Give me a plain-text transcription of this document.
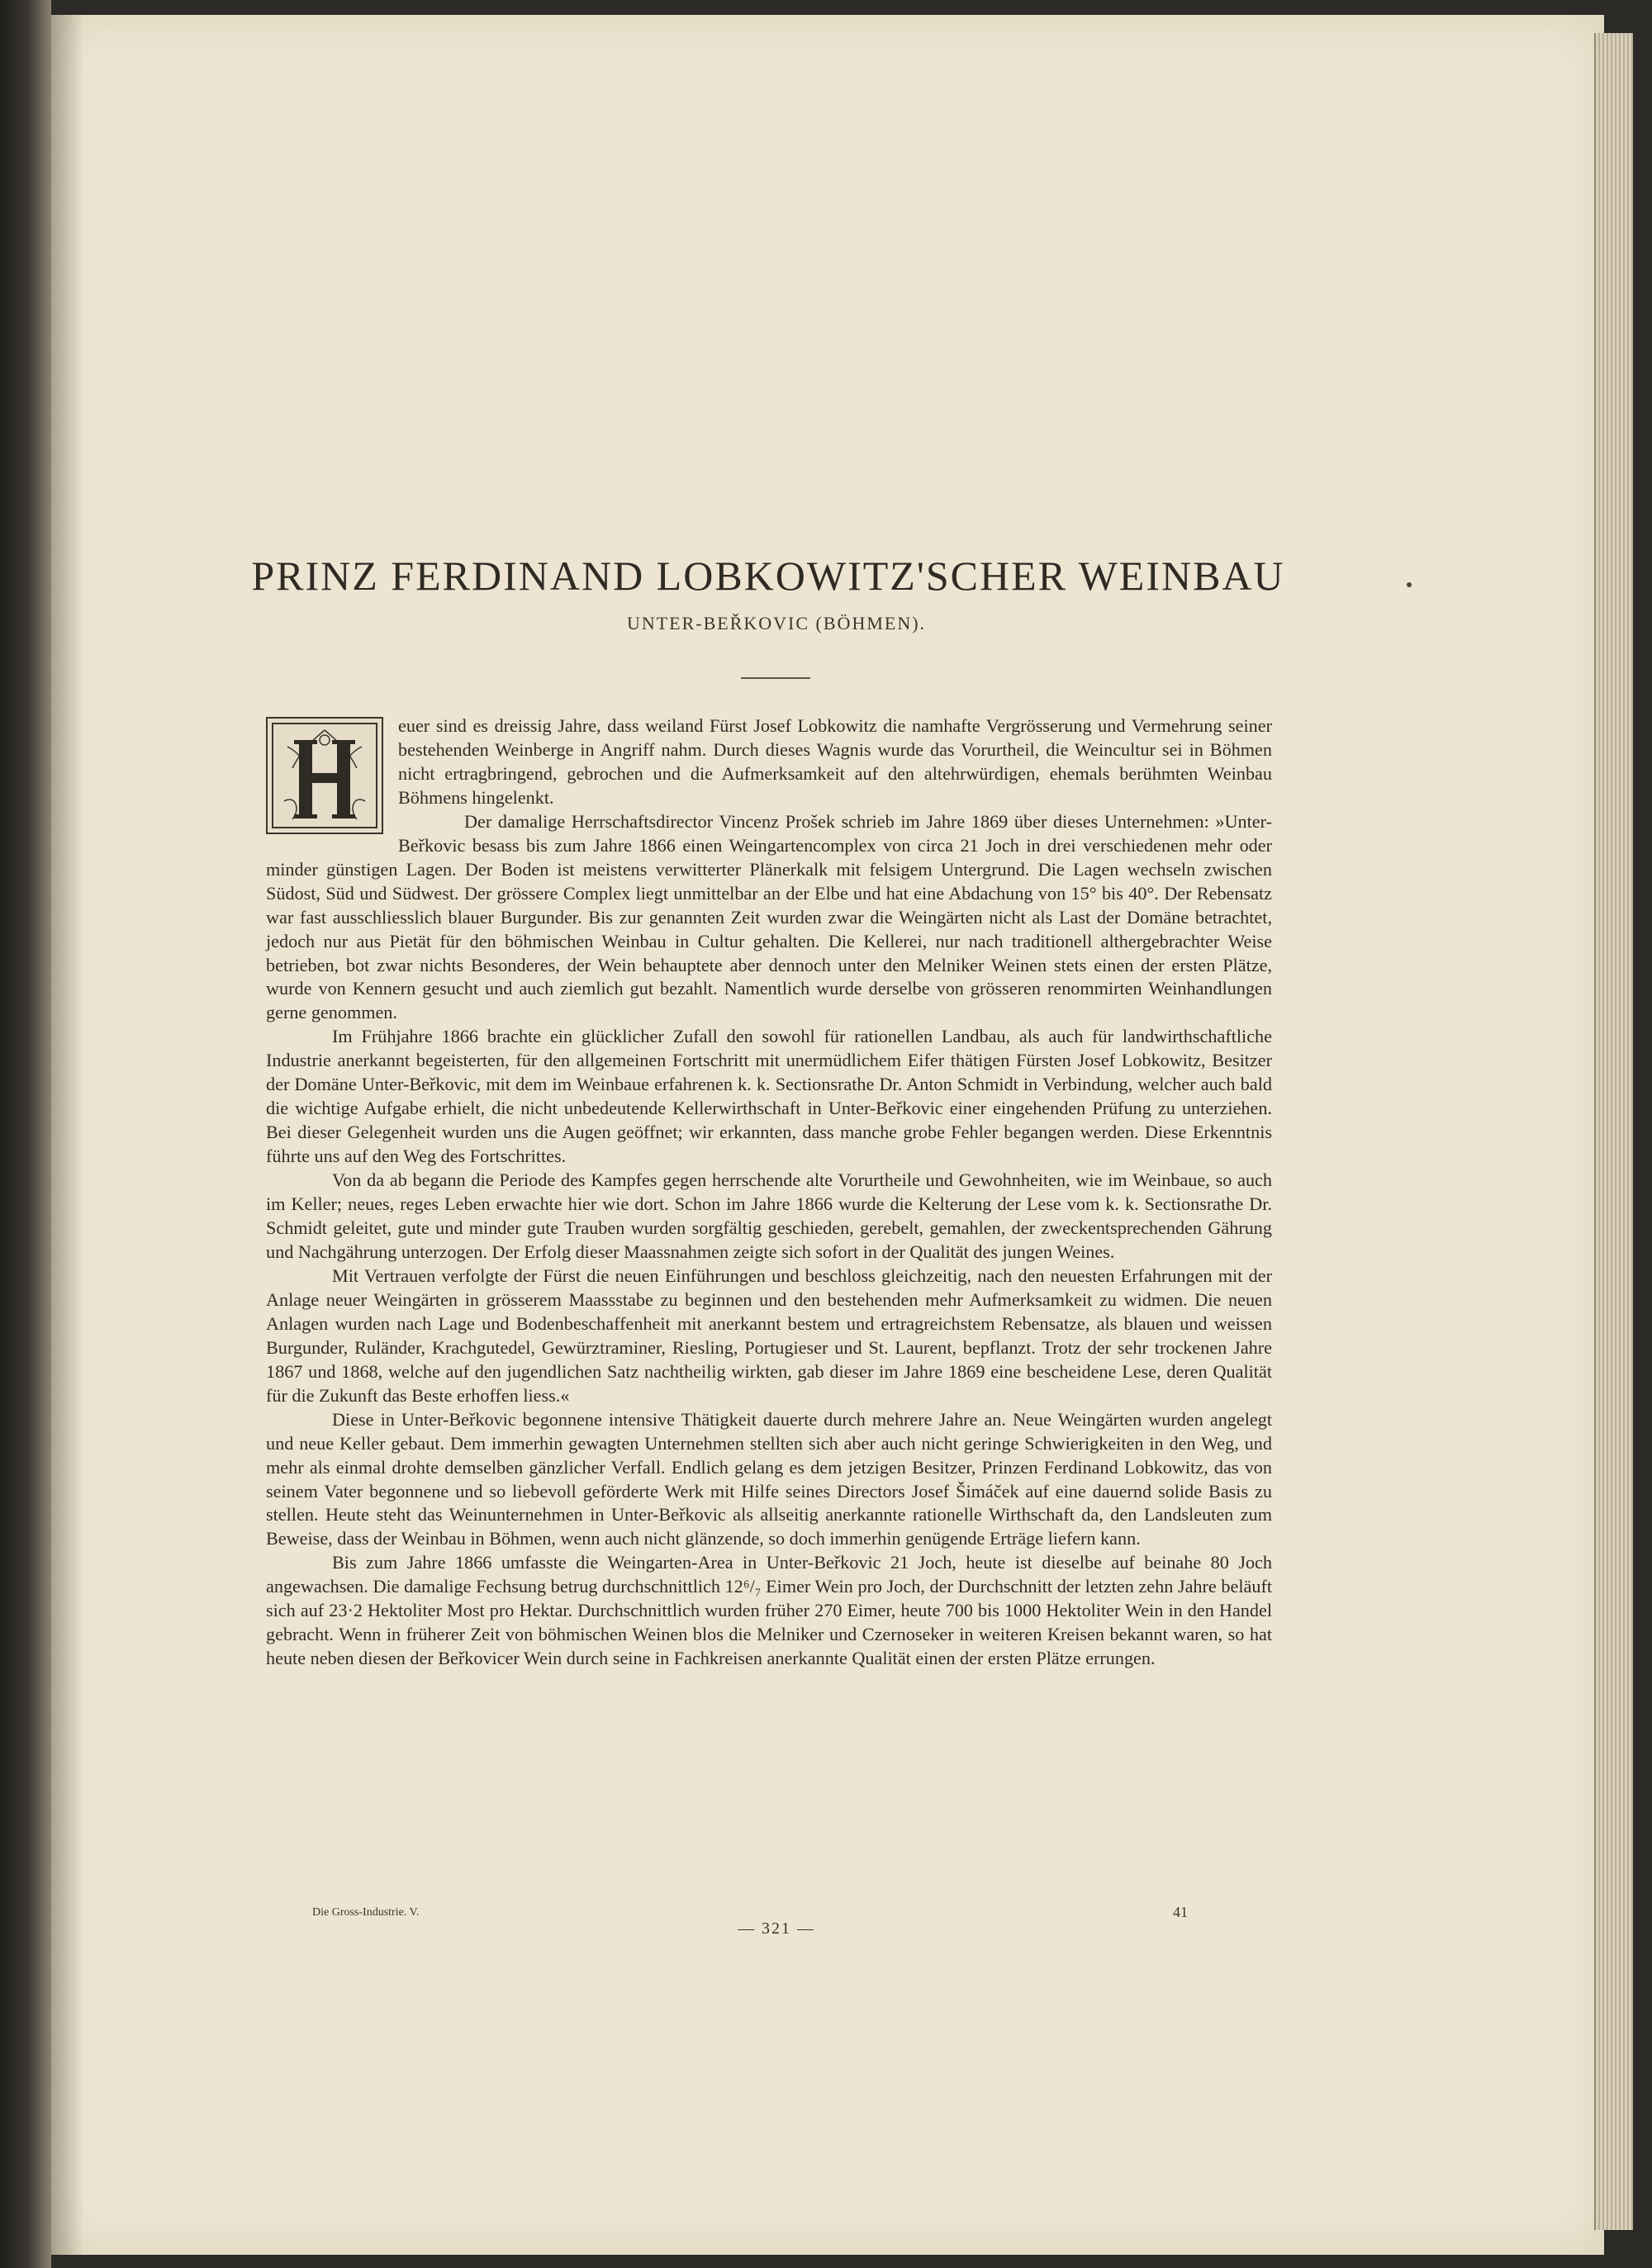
PRINZ FERDINAND LOBKOWITZ'SCHER WEINBAU
UNTER-BEŘKOVIC (BÖHMEN).

H	euer sind es dreissig Jahre, dass weiland Fürst Josef Lobkowitz die namhafte Vergrösserung und Vermehrung seiner bestehenden Weinberge in Angriff nahm. Durch dieses Wagnis wurde das Vorurtheil, die Weincultur sei in Böhmen nicht ertragbringend, gebrochen und die Aufmerksamkeit auf den altehrwürdigen, ehemals berühmten Weinbau Böhmens hingelenkt.

Der damalige Herrschaftsdirector Vincenz Prošek schrieb im Jahre 1869 über dieses Unternehmen: »Unter-Beřkovic besass bis zum Jahre 1866 einen Weingartencomplex von circa 21 Joch in drei verschiedenen mehr oder minder günstigen Lagen. Der Boden ist meistens verwitterter Plänerkalk mit felsigem Untergrund. Die Lagen wechseln zwischen Südost, Süd und Südwest. Der grössere Complex liegt unmittelbar an der Elbe und hat eine Abdachung von 15° bis 40°. Der Rebensatz war fast ausschliesslich blauer Burgunder. Bis zur genannten Zeit wurden zwar die Weingärten nicht als Last der Domäne betrachtet, jedoch nur aus Pietät für den böhmischen Weinbau in Cultur gehalten. Die Kellerei, nur nach traditionell althergebrachter Weise betrieben, bot zwar nichts Besonderes, der Wein behauptete aber dennoch unter den Melniker Weinen stets einen der ersten Plätze, wurde von Kennern gesucht und auch ziemlich gut bezahlt. Namentlich wurde derselbe von grösseren renommirten Weinhandlungen gerne genommen.

Im Frühjahre 1866 brachte ein glücklicher Zufall den sowohl für rationellen Landbau, als auch für landwirthschaftliche Industrie anerkannt begeisterten, für den allgemeinen Fortschritt mit unermüdlichem Eifer thätigen Fürsten Josef Lobkowitz, Besitzer der Domäne Unter-Beřkovic, mit dem im Weinbaue erfahrenen k. k. Sectionsrathe Dr. Anton Schmidt in Verbindung, welcher auch bald die wichtige Aufgabe erhielt, die nicht unbedeutende Kellerwirthschaft in Unter-Beřkovic einer eingehenden Prüfung zu unterziehen. Bei dieser Gelegenheit wurden uns die Augen geöffnet; wir erkannten, dass manche grobe Fehler begangen werden. Diese Erkenntnis führte uns auf den Weg des Fortschrittes.

Von da ab begann die Periode des Kampfes gegen herrschende alte Vorurtheile und Gewohnheiten, wie im Weinbaue, so auch im Keller; neues, reges Leben erwachte hier wie dort. Schon im Jahre 1866 wurde die Kelterung der Lese vom k. k. Sectionsrathe Dr. Schmidt geleitet, gute und minder gute Trauben wurden sorgfältig geschieden, gerebelt, gemahlen, der zweckentsprechenden Gährung und Nachgährung unterzogen. Der Erfolg dieser Maassnahmen zeigte sich sofort in der Qualität des jungen Weines.

Mit Vertrauen verfolgte der Fürst die neuen Einführungen und beschloss gleichzeitig, nach den neuesten Erfahrungen mit der Anlage neuer Weingärten in grösserem Maassstabe zu beginnen und den bestehenden mehr Aufmerksamkeit zu widmen. Die neuen Anlagen wurden nach Lage und Bodenbeschaffenheit mit anerkannt bestem und ertragreichstem Rebensatze, als blauen und weissen Burgunder, Ruländer, Krachgutedel, Gewürztraminer, Riesling, Portugieser und St. Laurent, bepflanzt. Trotz der sehr trockenen Jahre 1867 und 1868, welche auf den jugendlichen Satz nachtheilig wirkten, gab dieser im Jahre 1869 eine bescheidene Lese, deren Qualität für die Zukunft das Beste erhoffen liess.«

Diese in Unter-Beřkovic begonnene intensive Thätigkeit dauerte durch mehrere Jahre an. Neue Weingärten wurden angelegt und neue Keller gebaut. Dem immerhin gewagten Unternehmen stellten sich aber auch nicht geringe Schwierigkeiten in den Weg, und mehr als einmal drohte demselben gänzlicher Verfall. Endlich gelang es dem jetzigen Besitzer, Prinzen Ferdinand Lobkowitz, das von seinem Vater begonnene und so liebevoll geförderte Werk mit Hilfe seines Directors Josef Šimáček auf eine dauernd solide Basis zu stellen. Heute steht das Weinunternehmen in Unter-Beřkovic als allseitig anerkannte rationelle Wirthschaft da, den Landsleuten zum Beweise, dass der Weinbau in Böhmen, wenn auch nicht glänzende, so doch immerhin genügende Erträge liefern kann.

Bis zum Jahre 1866 umfasste die Weingarten-Area in Unter-Beřkovic 21 Joch, heute ist dieselbe auf beinahe 80 Joch angewachsen. Die damalige Fechsung betrug durchschnittlich 12⁶/₇ Eimer Wein pro Joch, der Durchschnitt der letzten zehn Jahre beläuft sich auf 23·2 Hektoliter Most pro Hektar. Durchschnittlich wurden früher 270 Eimer, heute 700 bis 1000 Hektoliter Wein in den Handel gebracht. Wenn in früherer Zeit von böhmischen Weinen blos die Melniker und Czernoseker in weiteren Kreisen bekannt waren, so hat heute neben diesen der Beřkovicer Wein durch seine in Fachkreisen anerkannte Qualität einen der ersten Plätze errungen.

Die Gross-Industrie. V.
— 321 —
41
